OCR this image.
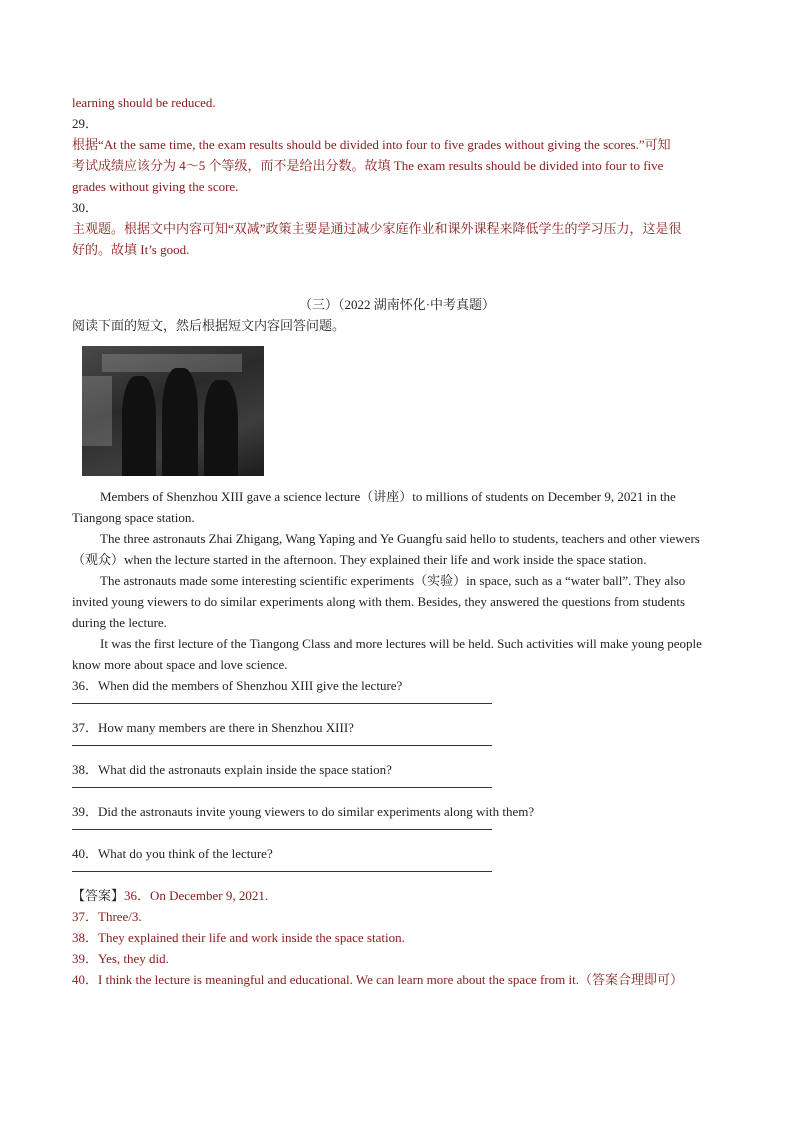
learning should be reduced.
29．
根据“At the same time, the exam results should be divided into four to five grades without giving the scores.”可知
考试成绩应该分为 4～5 个等级，而不是给出分数。故填 The exam results should be divided into four to five
grades without giving the score.
30．
主观题。根据文中内容可知“双减”政策主要是通过减少家庭作业和课外课程来降低学生的学习压力，这是很
好的。故填 It’s good.
（三）（2022 湖南怀化·中考真题）
阅读下面的短文，然后根据短文内容回答问题。
Members of Shenzhou XIII gave a science lecture（讲座）to millions of students on December 9, 2021 in the Tiangong space station.
The three astronauts Zhai Zhigang, Wang Yaping and Ye Guangfu said hello to students, teachers and other viewers（观众）when the lecture started in the afternoon. They explained their life and work inside the space station.
The astronauts made some interesting scientific experiments（实验）in space, such as a “water ball”. They also invited young viewers to do similar experiments along with them. Besides, they answered the questions from students during the lecture.
It was the first lecture of the Tiangong Class and more lectures will be held. Such activities will make young people know more about space and love science.
36．When did the members of Shenzhou XIII give the lecture?
37．How many members are there in Shenzhou XIII?
38．What did the astronauts explain inside the space station?
39．Did the astronauts invite young viewers to do similar experiments along with them?
40．What do you think of the lecture?
【答案】36．On December 9, 2021.
37．Three/3.
38．They explained their life and work inside the space station.
39．Yes, they did.
40．I think the lecture is meaningful and educational. We can learn more about the space from it.（答案合理即可）
